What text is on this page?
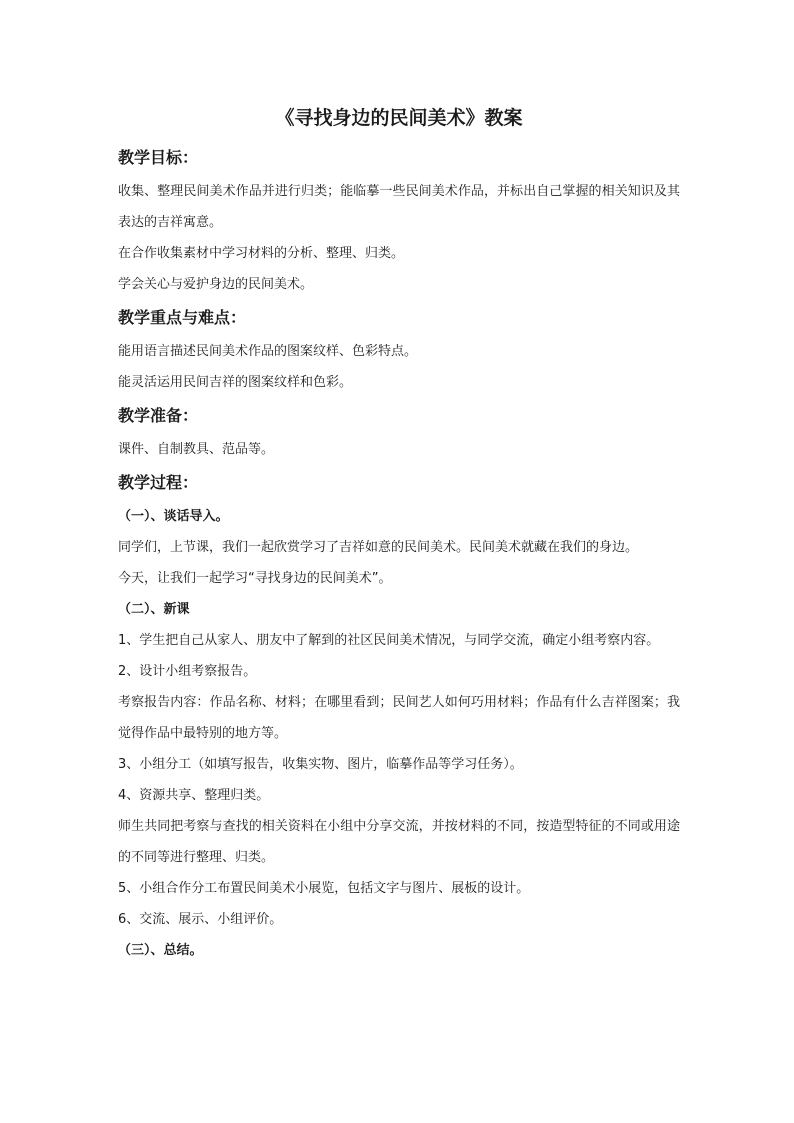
《寻找身边的民间美术》教案
教学目标：

收集、整理民间美术作品并进行归类；能临摹一些民间美术作品，并标出自己掌握的相关知识及其表达的吉祥寓意。

在合作收集素材中学习材料的分析、整理、归类。

学会关心与爱护身边的民间美术。

教学重点与难点：

能用语言描述民间美术作品的图案纹样、色彩特点。

能灵活运用民间吉祥的图案纹样和色彩。

教学准备：

课件、自制教具、范品等。

教学过程：

（一）、谈话导入。

同学们，上节课，我们一起欣赏学习了吉祥如意的民间美术。民间美术就藏在我们的身边。

今天，让我们一起学习“寻找身边的民间美术”。

（二）、新课

1、学生把自己从家人、朋友中了解到的社区民间美术情况，与同学交流，确定小组考察内容。

2、设计小组考察报告。

考察报告内容：作品名称、材料；在哪里看到；民间艺人如何巧用材料；作品有什么吉祥图案；我觉得作品中最特别的地方等。

3、小组分工（如填写报告，收集实物、图片，临摹作品等学习任务）。

4、资源共享、整理归类。

师生共同把考察与查找的相关资料在小组中分享交流，并按材料的不同，按造型特征的不同或用途的不同等进行整理、归类。

5、小组合作分工布置民间美术小展览，包括文字与图片、展板的设计。

6、交流、展示、小组评价。

（三）、总结。
